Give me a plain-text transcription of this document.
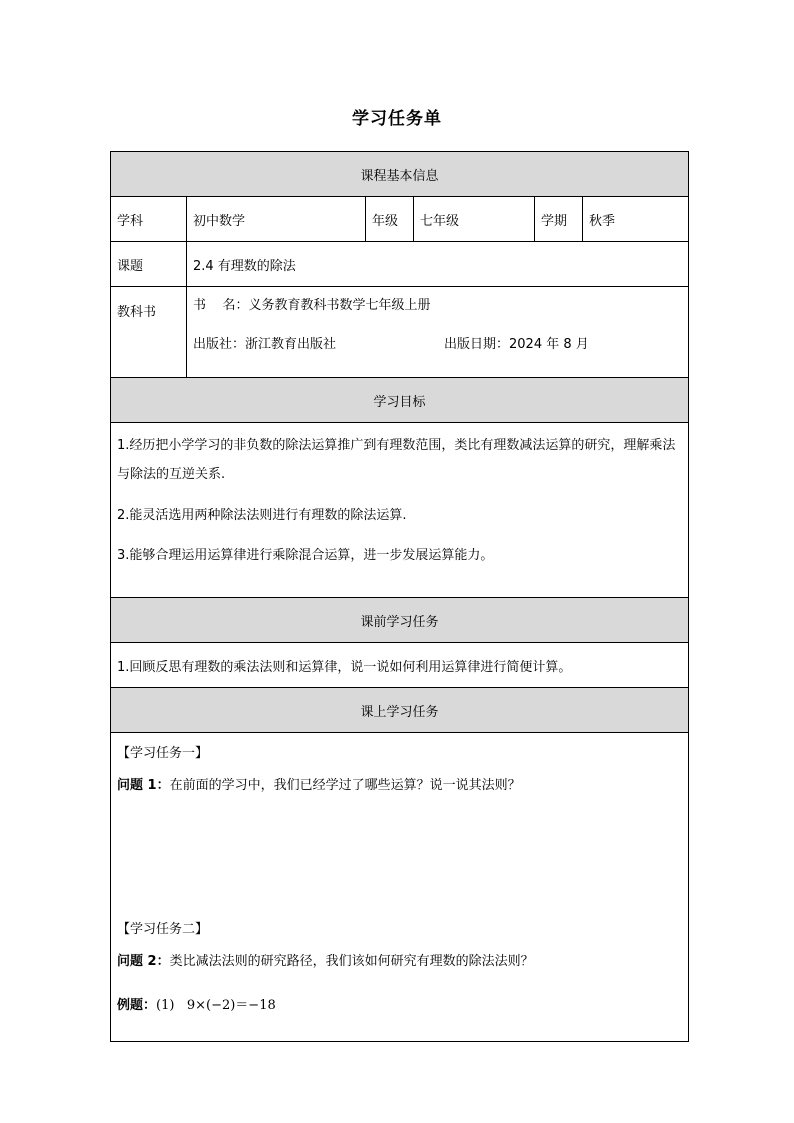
学习任务单
课程基本信息					
学科	初中数学	年级	七年级	学期	秋季
课题	2.4 有理数的除法				
教科书	书    名：义务教育教科书数学七年级上册

出版社：浙江教育出版社 出版日期：2024 年 8 月				

学习目标					

1.经历把小学学习的非负数的除法运算推广到有理数范围，类比有理数减法运算的研究，理解乘法与除法的互逆关系.

2.能灵活选用两种除法法则进行有理数的除法运算.

3.能够合理运用运算律进行乘除混合运算，进一步发展运算能力。					

课前学习任务					
1.回顾反思有理数的乘法法则和运算律，说一说如何利用运算律进行简便计算。					
课上学习任务					

【学习任务一】

问题 1：在前面的学习中，我们已经学过了哪些运算？说一说其法则？

【学习任务二】

问题 2：类比减法法则的研究路径，我们该如何研究有理数的除法法则？

例题：(1)   9×(−2)＝−18					
